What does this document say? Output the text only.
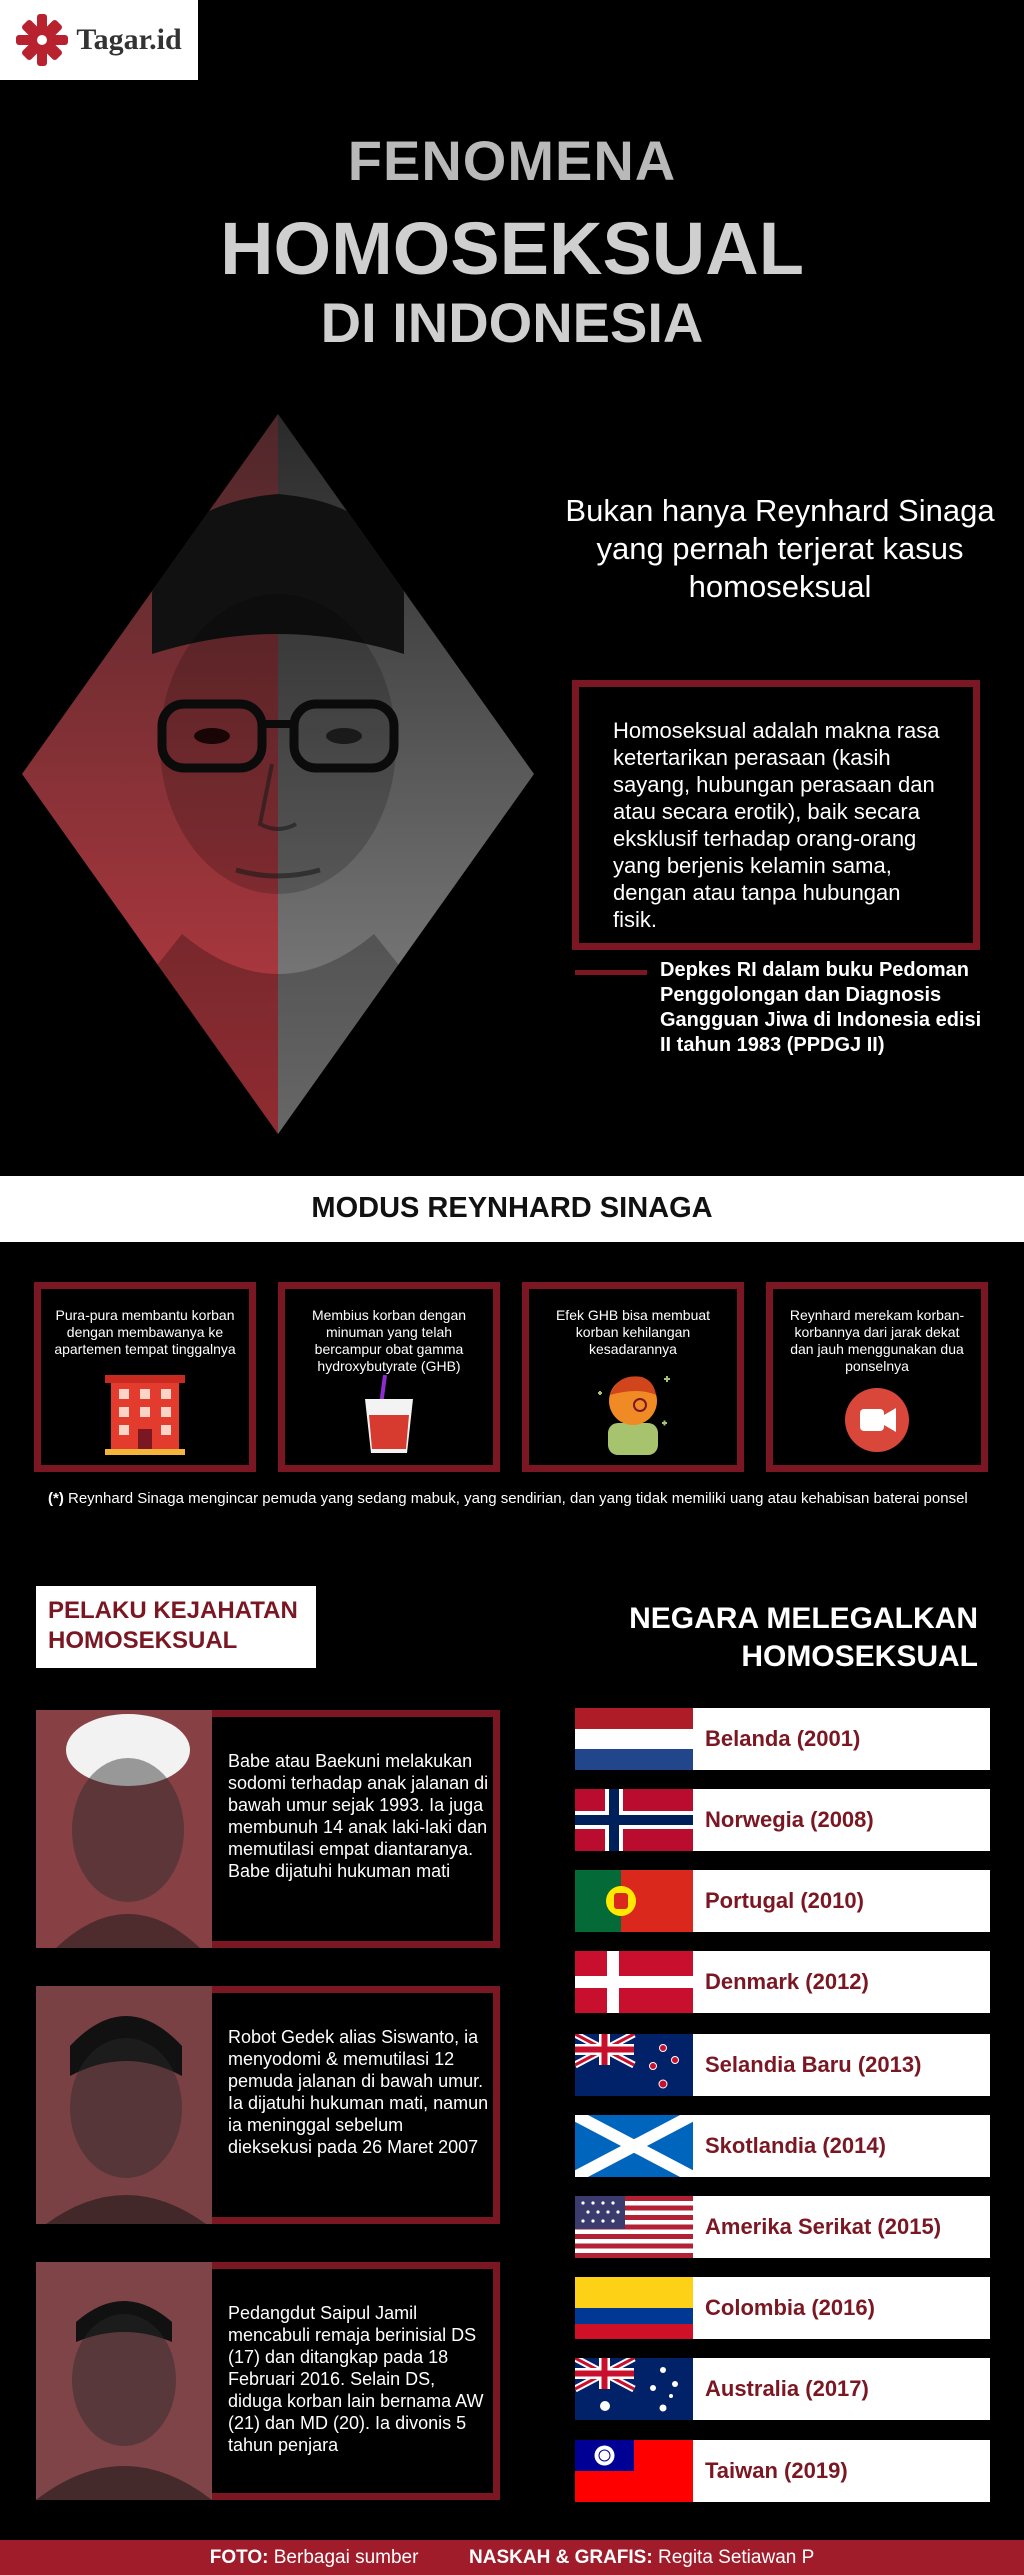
Tagar.id
FENOMENA
HOMOSEKSUAL
DI INDONESIA
Bukan hanya Reynhard Sinaga yang pernah terjerat kasus homoseksual

Homoseksual adalah makna rasa ketertarikan perasaan (kasih sayang, hubungan perasaan dan atau secara erotik), baik secara eksklusif terhadap orang-orang yang berjenis kelamin sama, dengan atau tanpa hubungan fisik.

Depkes RI dalam buku Pedoman Penggolongan dan Diagnosis Gangguan Jiwa di Indonesia edisi II tahun 1983 (PPDGJ II)
MODUS REYNHARD SINAGA
Pura-pura membantu korban dengan membawanya ke apartemen tempat tinggalnya
Membius korban dengan minuman yang telah bercampur obat gamma hydroxybutyrate (GHB)
Efek GHB bisa membuat korban kehilangan kesadarannya
Reynhard merekam korban-korbannya dari jarak dekat dan jauh menggunakan dua ponselnya
(*) Reynhard Sinaga mengincar pemuda yang sedang mabuk, yang sendirian, dan yang tidak memiliki uang atau kehabisan baterai ponsel
PELAKU KEJAHATAN
HOMOSEKSUAL
NEGARA MELEGALKAN
HOMOSEKSUAL
Babe atau Baekuni melakukan sodomi terhadap anak jalanan di bawah umur sejak 1993. Ia juga membunuh 14 anak laki-laki dan memutilasi empat diantaranya. Babe dijatuhi hukuman mati
Robot Gedek alias Siswanto, ia menyodomi & memutilasi 12 pemuda jalanan di bawah umur. Ia dijatuhi hukuman mati, namun ia meninggal sebelum dieksekusi pada 26 Maret 2007
Pedangdut Saipul Jamil mencabuli remaja berinisial DS (17) dan ditangkap pada 18 Februari 2016. Selain DS, diduga korban lain bernama AW (21) dan MD (20). Ia divonis 5 tahun penjara
Belanda (2001)
Norwegia (2008)
Portugal (2010)
Denmark (2012)
Selandia Baru (2013)
Skotlandia (2014)
Amerika Serikat (2015)
Colombia (2016)
Australia (2017)
Taiwan (2019)
FOTO: Berbagai sumber	NASKAH & GRAFIS: Regita Setiawan P
